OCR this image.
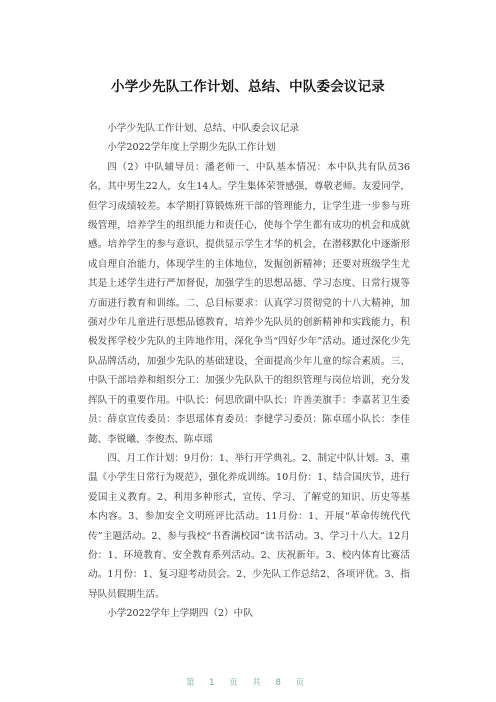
小学少先队工作计划、总结、中队委会议记录

小学少先队工作计划、总结、中队委会议记录

小学2022学年度上学期少先队工作计划

四（2）中队辅导员：潘老师一、中队基本情况：本中队共有队员36名，其中男生22人，女生14人。学生集体荣誉感强，尊敬老师。友爱同学，但学习成绩较差。本学期打算锻炼班干部的管理能力，让学生进一步参与班级管理，培养学生的组织能力和责任心，使每个学生都有成功的机会和成就感。培养学生的参与意识，提供显示学生才华的机会，在潜移默化中逐渐形成自理自治能力，体现学生的主体地位，发掘创新精神；还要对班级学生尤其是上述学生进行严加督促，加强学生的思想品德、学习态度、日常行规等方面进行教育和训练。二、总目标要求：认真学习贯彻党的十八大精神，加强对少年儿童进行思想品德教育，培养少先队员的创新精神和实践能力，积极发挥学校少先队的主阵地作用，深化争当“四好少年”活动。通过深化少先队品牌活动，加强少先队的基础建设，全面提高少年儿童的综合素质。三、中队干部培养和组织分工：加强少先队队干的组织管理与岗位培训，充分发挥队干的重要作用。中队长：何思欣副中队长：许善美旗手：李嘉茗卫生委员：薛京宣传委员：李思瑶体育委员：李健学习委员：陈卓瑶小队长：李佳懿、李锐曦、李俊杰、陈卓瑶

四、月工作计划：9月份：1、举行开学典礼。2、制定中队计划。3、重温《小学生日常行为规范》，强化养成训练。10月份：1、结合国庆节，进行爱国主义教育。2、利用多种形式，宣传、学习、了解党的知识、历史等基本内容。3、参加安全文明班评比活动。11月份：1、开展“革命传统代代传”主题活动。2、参与我校“书香满校园”读书活动。3、学习十八大。12月份：1、环境教育、安全教育系列活动。2、庆祝新年。3、校内体育比赛活动。1月份：1、复习迎考动员会。2、少先队工作总结2、各项评优。3、指导队员假期生活。

小学2022学年上学期四（2）中队

第 1 页 共 8 页
